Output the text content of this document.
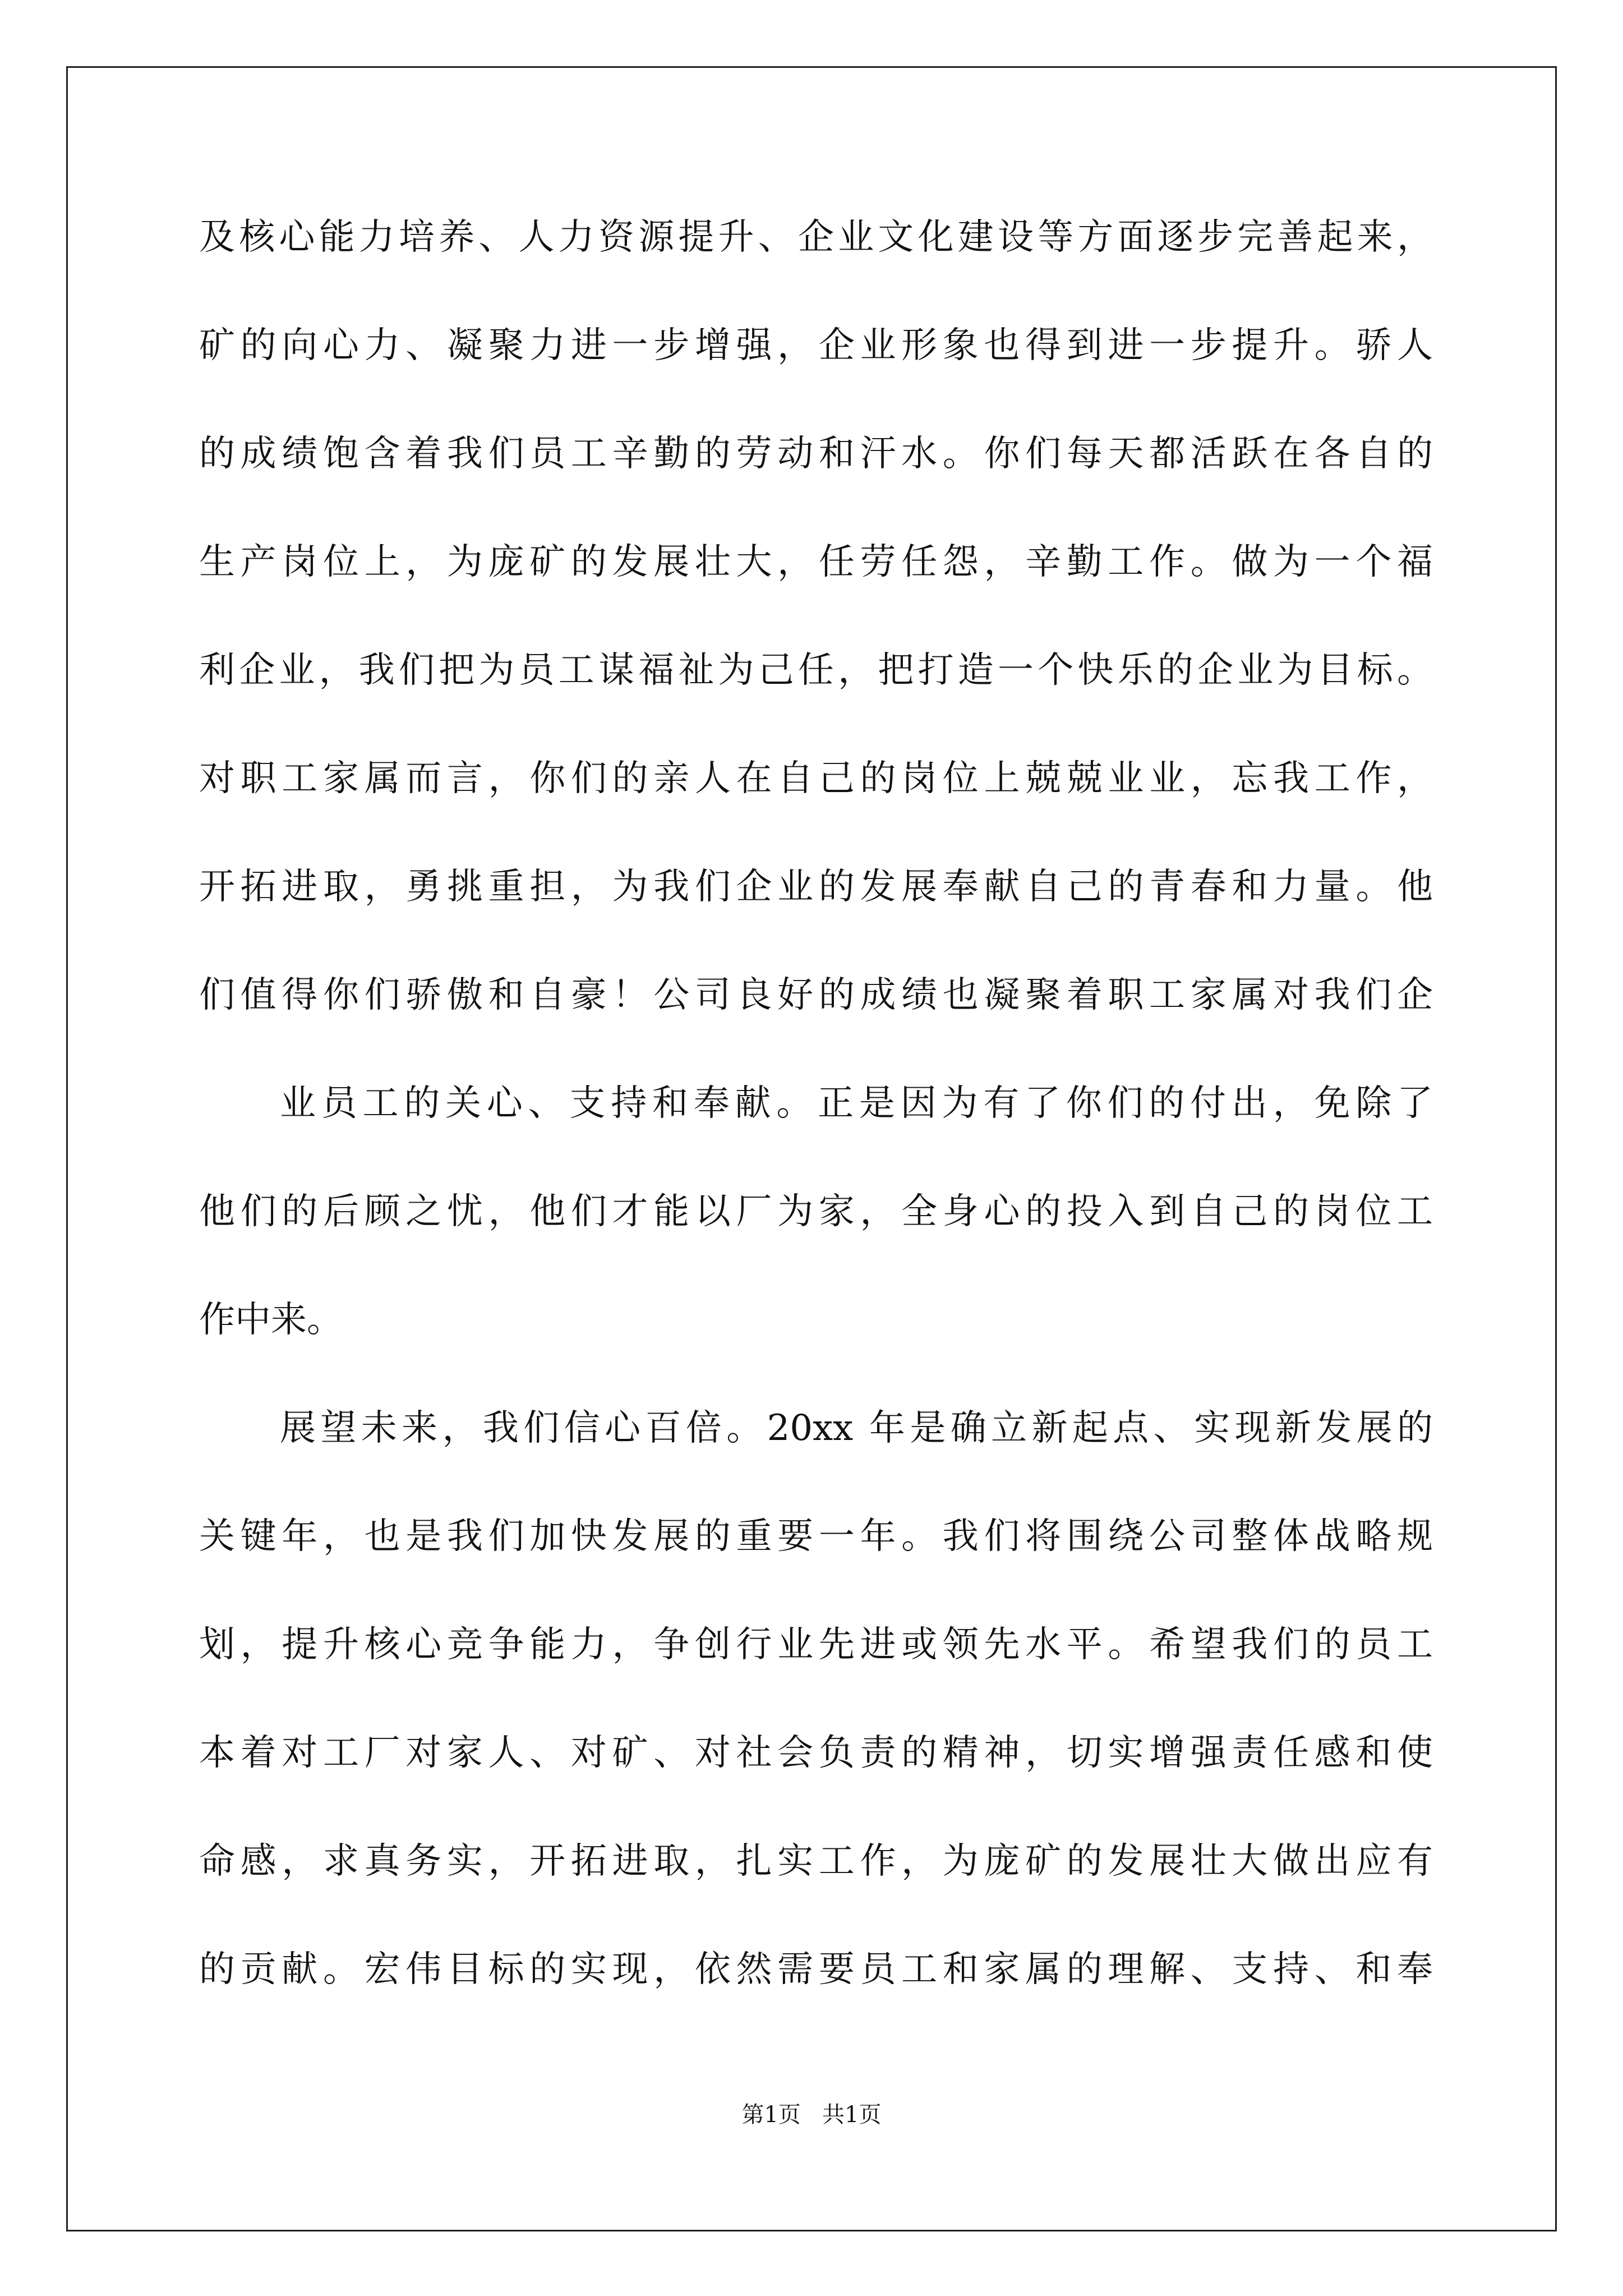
及核心能力培养、人力资源提升、企业文化建设等方面逐步完善起来，
矿的向心力、凝聚力进一步增强，企业形象也得到进一步提升。骄人
的成绩饱含着我们员工辛勤的劳动和汗水。你们每天都活跃在各自的
生产岗位上，为庞矿的发展壮大，任劳任怨，辛勤工作。做为一个福
利企业，我们把为员工谋福祉为己任，把打造一个快乐的企业为目标。
对职工家属而言，你们的亲人在自己的岗位上兢兢业业，忘我工作，
开拓进取，勇挑重担，为我们企业的发展奉献自己的青春和力量。他
们值得你们骄傲和自豪！公司良好的成绩也凝聚着职工家属对我们企
业员工的关心、支持和奉献。正是因为有了你们的付出，免除了
他们的后顾之忧，他们才能以厂为家，全身心的投入到自己的岗位工
作中来。
展望未来，我们信心百倍。20xx 年是确立新起点、实现新发展的
关键年，也是我们加快发展的重要一年。我们将围绕公司整体战略规
划，提升核心竞争能力，争创行业先进或领先水平。希望我们的员工
本着对工厂对家人、对矿、对社会负责的精神，切实增强责任感和使
命感，求真务实，开拓进取，扎实工作，为庞矿的发展壮大做出应有
的贡献。宏伟目标的实现，依然需要员工和家属的理解、支持、和奉
第1页   共1页
